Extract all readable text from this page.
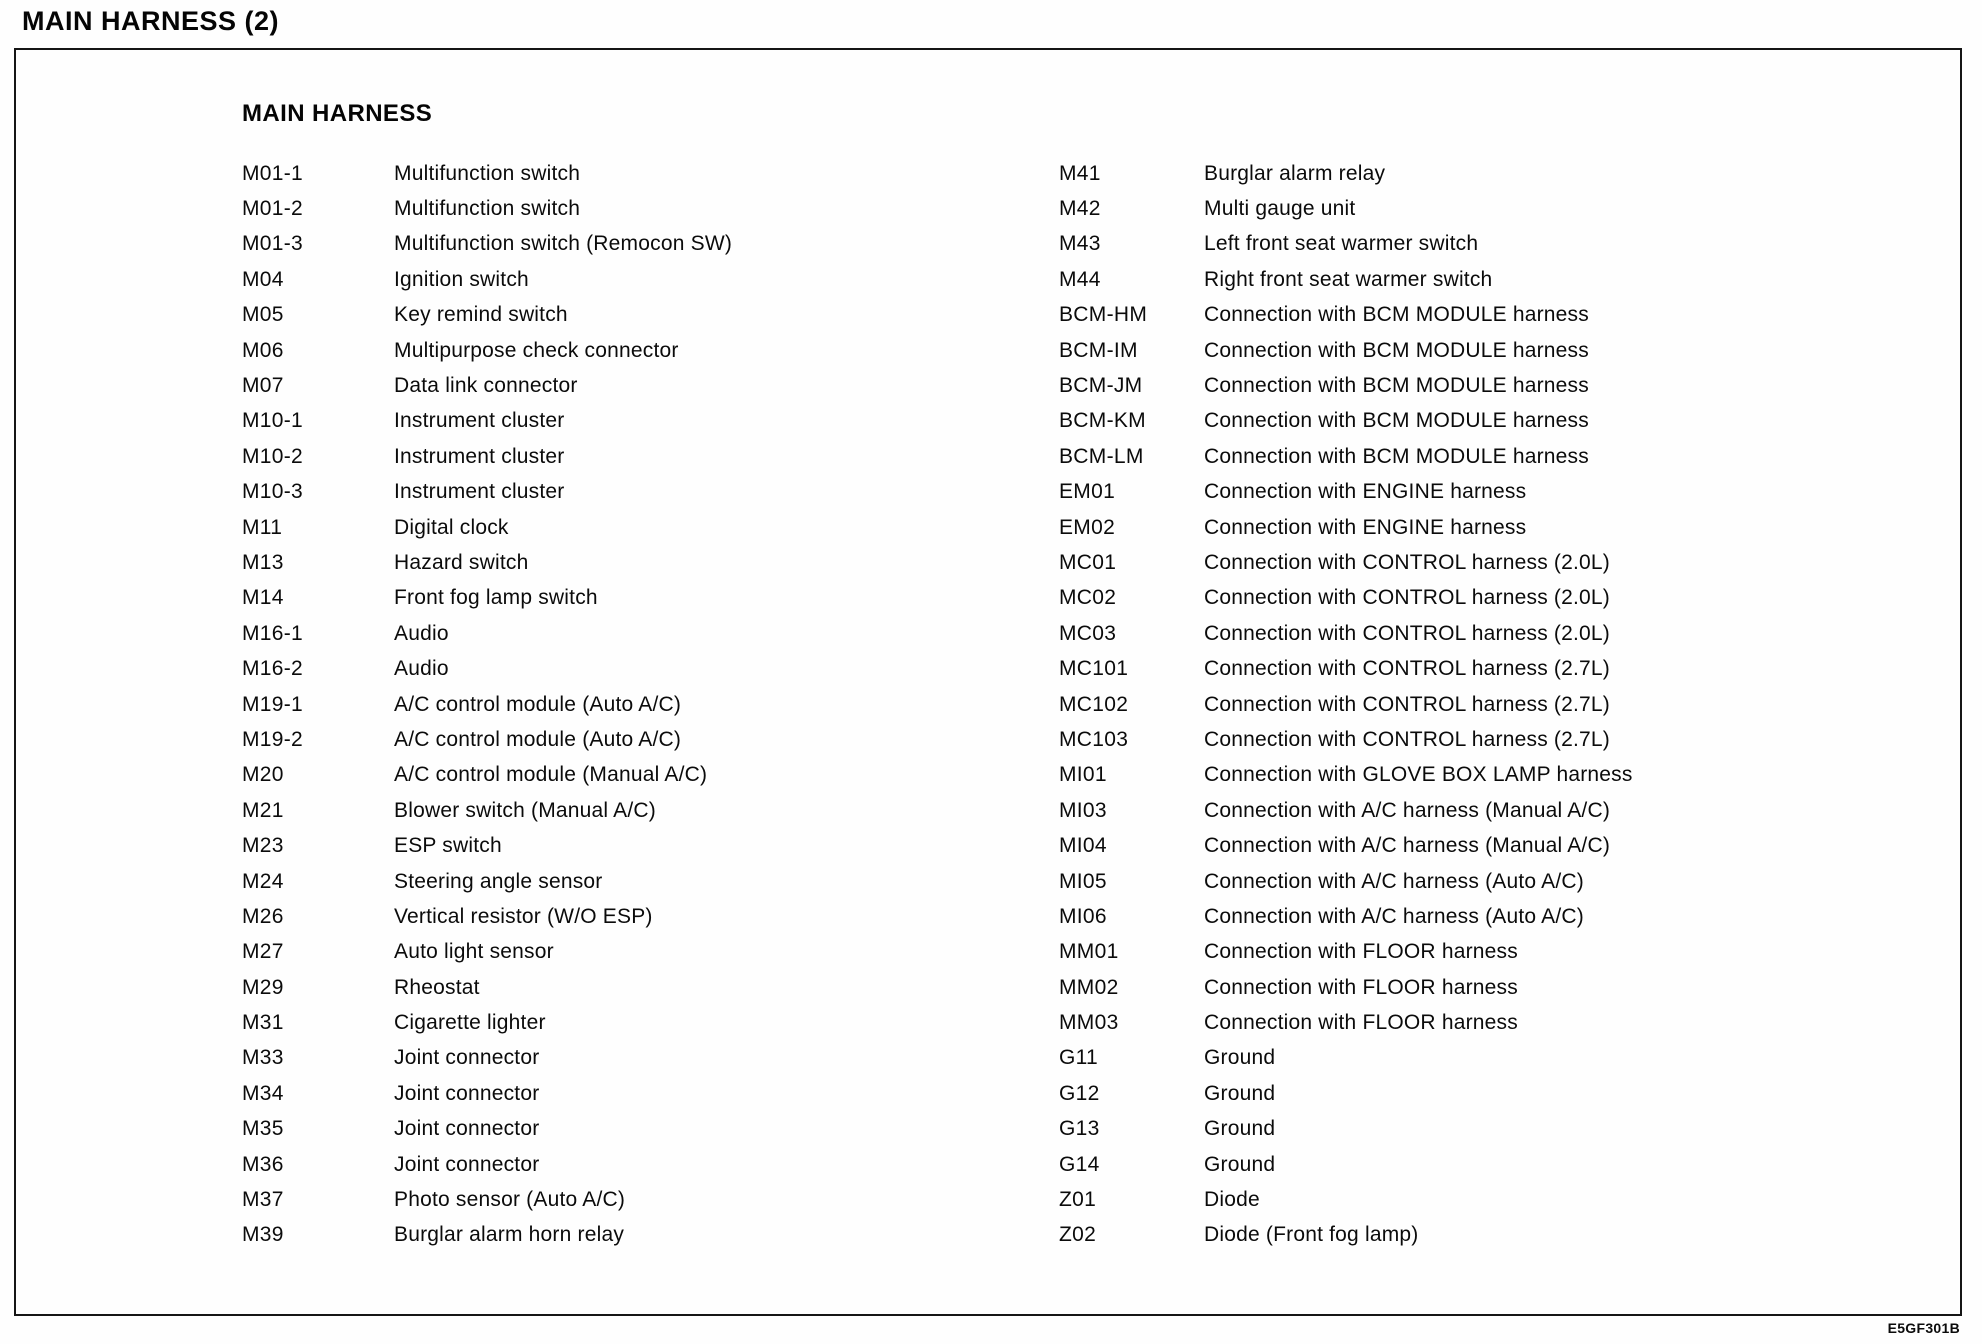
MAIN HARNESS (2)
MAIN HARNESS
M01-1	Multifunction switch
M01-2	Multifunction switch
M01-3	Multifunction switch (Remocon SW)
M04	Ignition switch
M05	Key remind switch
M06	Multipurpose check connector
M07	Data link connector
M10-1	Instrument cluster
M10-2	Instrument cluster
M10-3	Instrument cluster
M11	Digital clock
M13	Hazard switch
M14	Front fog lamp switch
M16-1	Audio
M16-2	Audio
M19-1	A/C control module (Auto A/C)
M19-2	A/C control module (Auto A/C)
M20	A/C control module (Manual A/C)
M21	Blower switch (Manual A/C)
M23	ESP switch
M24	Steering angle sensor
M26	Vertical resistor (W/O ESP)
M27	Auto light sensor
M29	Rheostat
M31	Cigarette lighter
M33	Joint connector
M34	Joint connector
M35	Joint connector
M36	Joint connector
M37	Photo sensor (Auto A/C)
M39	Burglar alarm horn relay
M41	Burglar alarm relay
M42	Multi gauge unit
M43	Left front seat warmer switch
M44	Right front seat warmer switch
BCM-HM	Connection with BCM MODULE harness
BCM-IM	Connection with BCM MODULE harness
BCM-JM	Connection with BCM MODULE harness
BCM-KM	Connection with BCM MODULE harness
BCM-LM	Connection with BCM MODULE harness
EM01	Connection with ENGINE harness
EM02	Connection with ENGINE harness
MC01	Connection with CONTROL harness (2.0L)
MC02	Connection with CONTROL harness (2.0L)
MC03	Connection with CONTROL harness (2.0L)
MC101	Connection with CONTROL harness (2.7L)
MC102	Connection with CONTROL harness (2.7L)
MC103	Connection with CONTROL harness (2.7L)
MI01	Connection with GLOVE BOX LAMP harness
MI03	Connection with A/C harness (Manual A/C)
MI04	Connection with A/C harness (Manual A/C)
MI05	Connection with A/C harness (Auto A/C)
MI06	Connection with A/C harness (Auto A/C)
MM01	Connection with FLOOR harness
MM02	Connection with FLOOR harness
MM03	Connection with FLOOR harness
G11	Ground
G12	Ground
G13	Ground
G14	Ground
Z01	Diode
Z02	Diode (Front fog lamp)
E5GF301B
